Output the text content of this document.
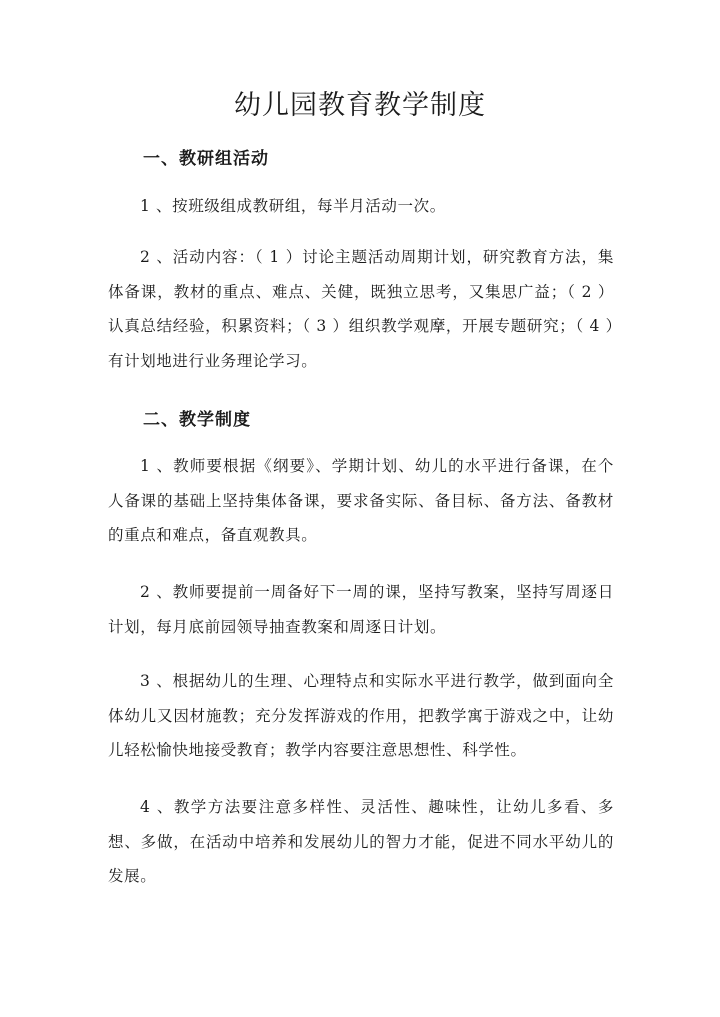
幼儿园教育教学制度
一、教研组活动

1 、按班级组成教研组，每半月活动一次。

2 、活动内容：（ 1 ）讨论主题活动周期计划，研究教育方法，集体备课，教材的重点、难点、关健，既独立思考，又集思广益；（ 2 ）认真总结经验，积累资料；（ 3 ）组织教学观摩，开展专题研究；（ 4 ）有计划地进行业务理论学习。

二、教学制度

1 、教师要根据《纲要》、学期计划、幼儿的水平进行备课，在个人备课的基础上坚持集体备课，要求备实际、备目标、备方法、备教材的重点和难点，备直观教具。

2 、教师要提前一周备好下一周的课，坚持写教案，坚持写周逐日计划，每月底前园领导抽查教案和周逐日计划。

3 、根据幼儿的生理、心理特点和实际水平进行教学，做到面向全体幼儿又因材施教；充分发挥游戏的作用，把教学寓于游戏之中，让幼儿轻松愉快地接受教育；教学内容要注意思想性、科学性。

4 、教学方法要注意多样性、灵活性、趣味性，让幼儿多看、多想、多做，在活动中培养和发展幼儿的智力才能，促进不同水平幼儿的发展。
